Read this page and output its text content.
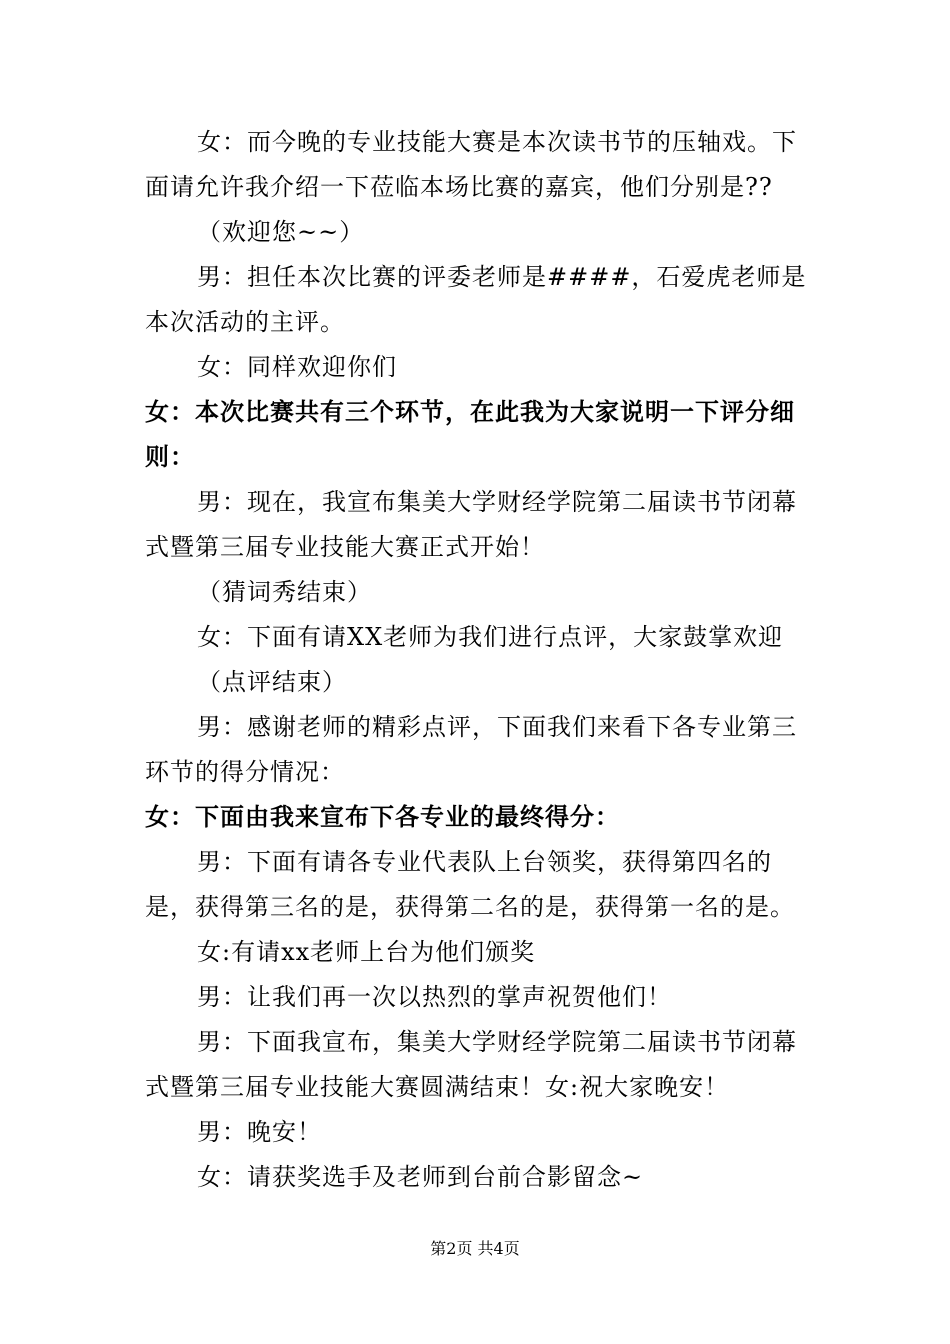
女：而今晚的专业技能大赛是本次读书节的压轴戏。下面请允许我介绍一下莅临本场比赛的嘉宾，他们分别是??

（欢迎您~~）

男：担任本次比赛的评委老师是####，石爱虎老师是本次活动的主评。

女：同样欢迎你们

女：本次比赛共有三个环节，在此我为大家说明一下评分细则：

男：现在，我宣布集美大学财经学院第二届读书节闭幕式暨第三届专业技能大赛正式开始！

（猜词秀结束）

女：下面有请XX老师为我们进行点评，大家鼓掌欢迎

（点评结束）

男：感谢老师的精彩点评，下面我们来看下各专业第三环节的得分情况：

女：下面由我来宣布下各专业的最终得分：

男：下面有请各专业代表队上台领奖，获得第四名的是，获得第三名的是，获得第二名的是，获得第一名的是。

女:有请xx老师上台为他们颁奖

男：让我们再一次以热烈的掌声祝贺他们！

男：下面我宣布，集美大学财经学院第二届读书节闭幕式暨第三届专业技能大赛圆满结束！女:祝大家晚安！

男：晚安！

女：请获奖选手及老师到台前合影留念~

第2页 共4页
